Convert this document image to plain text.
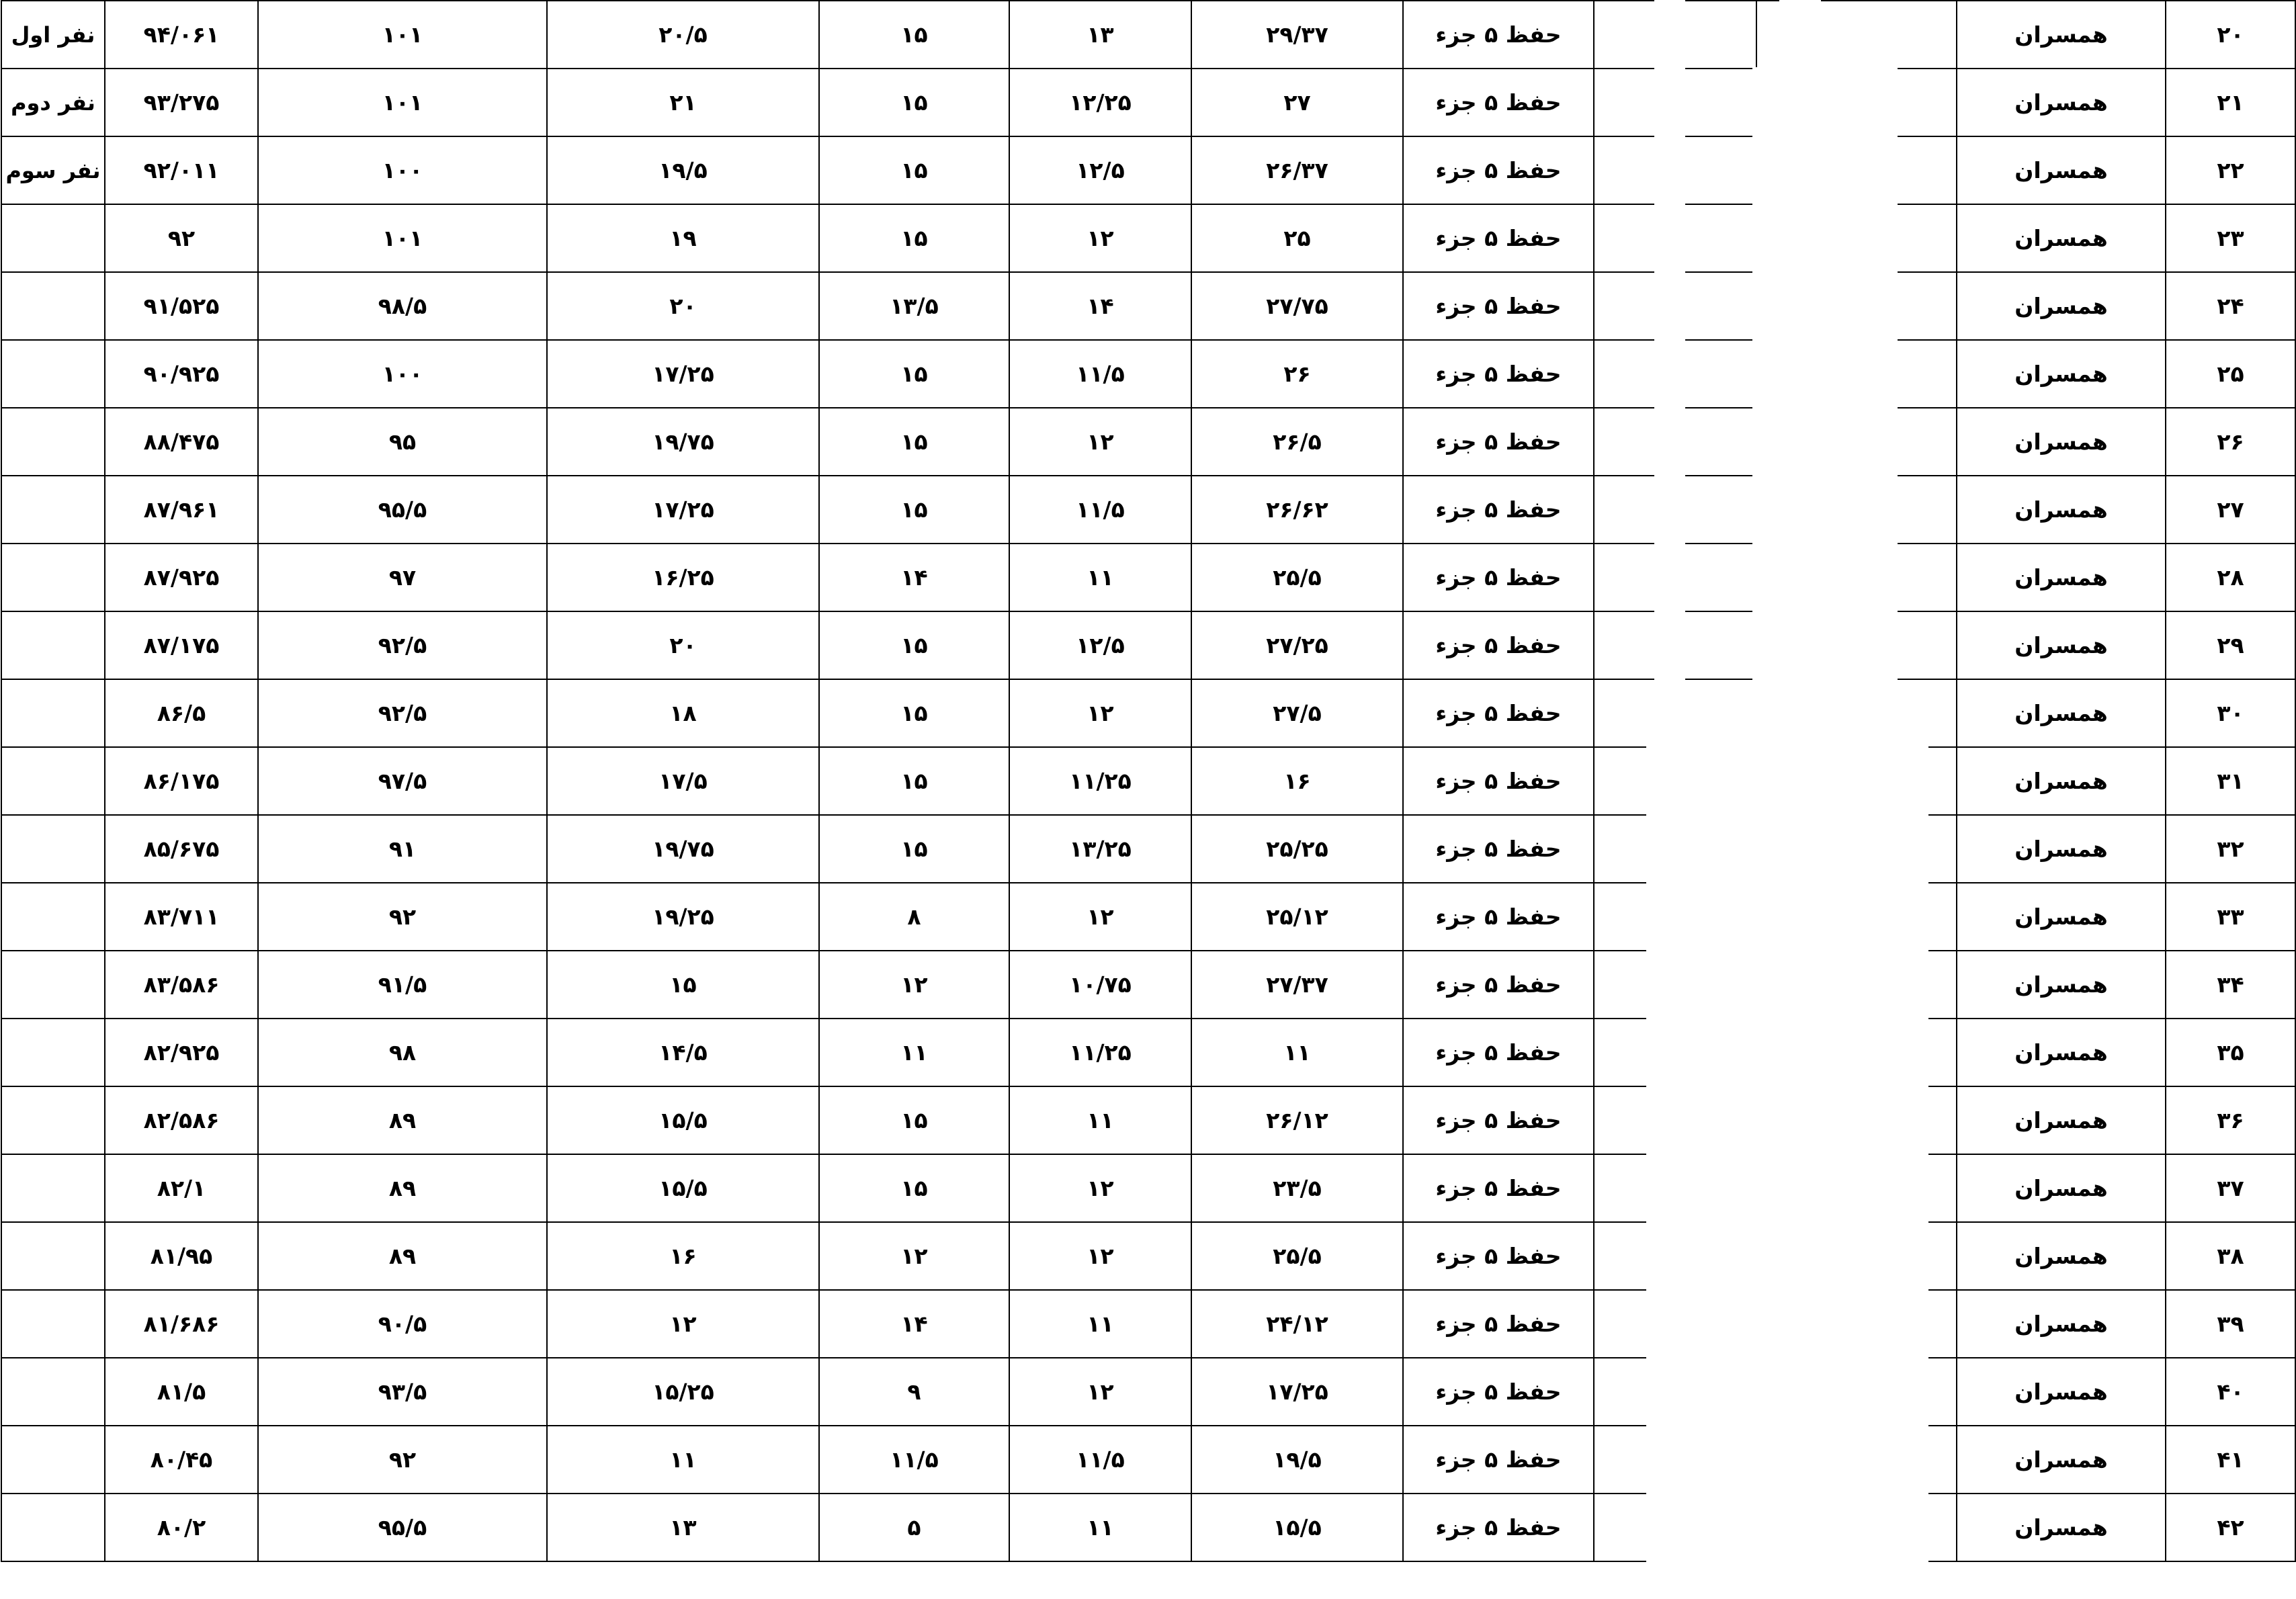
۲۰	همسران			حفظ ۵ جزء	۲۹/۳۷	۱۳	۱۵	۲۰/۵	۱۰۱	۹۴/۰۶۱	نفر اول
۲۱	همسران			حفظ ۵ جزء	۲۷	۱۲/۲۵	۱۵	۲۱	۱۰۱	۹۳/۲۷۵	نفر دوم
۲۲	همسران			حفظ ۵ جزء	۲۶/۳۷	۱۲/۵	۱۵	۱۹/۵	۱۰۰	۹۲/۰۱۱	نفر سوم
۲۳	همسران			حفظ ۵ جزء	۲۵	۱۲	۱۵	۱۹	۱۰۱	۹۲	
۲۴	همسران			حفظ ۵ جزء	۲۷/۷۵	۱۴	۱۳/۵	۲۰	۹۸/۵	۹۱/۵۲۵	
۲۵	همسران			حفظ ۵ جزء	۲۶	۱۱/۵	۱۵	۱۷/۲۵	۱۰۰	۹۰/۹۲۵	
۲۶	همسران			حفظ ۵ جزء	۲۶/۵	۱۲	۱۵	۱۹/۷۵	۹۵	۸۸/۴۷۵	
۲۷	همسران			حفظ ۵ جزء	۲۶/۶۲	۱۱/۵	۱۵	۱۷/۲۵	۹۵/۵	۸۷/۹۶۱	
۲۸	همسران			حفظ ۵ جزء	۲۵/۵	۱۱	۱۴	۱۶/۲۵	۹۷	۸۷/۹۲۵	
۲۹	همسران			حفظ ۵ جزء	۲۷/۲۵	۱۲/۵	۱۵	۲۰	۹۲/۵	۸۷/۱۷۵	
۳۰	همسران			حفظ ۵ جزء	۲۷/۵	۱۲	۱۵	۱۸	۹۲/۵	۸۶/۵	
۳۱	همسران			حفظ ۵ جزء	۱۶	۱۱/۲۵	۱۵	۱۷/۵	۹۷/۵	۸۶/۱۷۵	
۳۲	همسران			حفظ ۵ جزء	۲۵/۲۵	۱۳/۲۵	۱۵	۱۹/۷۵	۹۱	۸۵/۶۷۵	
۳۳	همسران			حفظ ۵ جزء	۲۵/۱۲	۱۲	۸	۱۹/۲۵	۹۲	۸۳/۷۱۱	
۳۴	همسران			حفظ ۵ جزء	۲۷/۳۷	۱۰/۷۵	۱۲	۱۵	۹۱/۵	۸۳/۵۸۶	
۳۵	همسران			حفظ ۵ جزء	۱۱	۱۱/۲۵	۱۱	۱۴/۵	۹۸	۸۲/۹۲۵	
۳۶	همسران			حفظ ۵ جزء	۲۶/۱۲	۱۱	۱۵	۱۵/۵	۸۹	۸۲/۵۸۶	
۳۷	همسران			حفظ ۵ جزء	۲۳/۵	۱۲	۱۵	۱۵/۵	۸۹	۸۲/۱	
۳۸	همسران			حفظ ۵ جزء	۲۵/۵	۱۲	۱۲	۱۶	۸۹	۸۱/۹۵	
۳۹	همسران			حفظ ۵ جزء	۲۴/۱۲	۱۱	۱۴	۱۲	۹۰/۵	۸۱/۶۸۶	
۴۰	همسران			حفظ ۵ جزء	۱۷/۲۵	۱۲	۹	۱۵/۲۵	۹۳/۵	۸۱/۵	
۴۱	همسران			حفظ ۵ جزء	۱۹/۵	۱۱/۵	۱۱/۵	۱۱	۹۲	۸۰/۴۵	
۴۲	همسران			حفظ ۵ جزء	۱۵/۵	۱۱	۵	۱۳	۹۵/۵	۸۰/۲	
